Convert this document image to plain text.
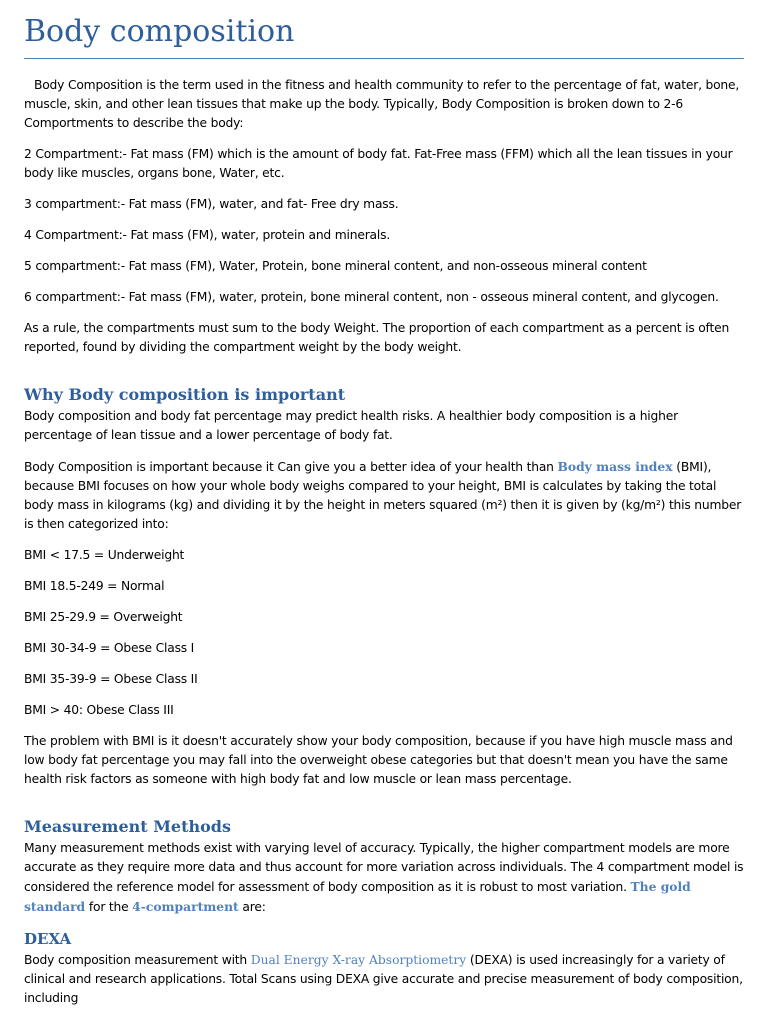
Body composition

Body Composition is the term used in the fitness and health community to refer to the percentage of fat, water, bone, muscle, skin, and other lean tissues that make up the body. Typically, Body Composition is broken down to 2-6 Comportments to describe the body:

2 Compartment:- Fat mass (FM) which is the amount of body fat. Fat-Free mass (FFM) which all the lean tissues in your body like muscles, organs bone, Water, etc.

3 compartment:- Fat mass (FM), water, and fat- Free dry mass.

4 Compartment:- Fat mass (FM), water, protein and minerals.

5 compartment:- Fat mass (FM), Water, Protein, bone mineral content, and non-osseous mineral content

6 compartment:- Fat mass (FM), water, protein, bone mineral content, non - osseous mineral content, and glycogen.

As a rule, the compartments must sum to the body Weight. The proportion of each compartment as a percent is often reported, found by dividing the compartment weight by the body weight.

Why Body composition is important

Body composition and body fat percentage may predict health risks. A healthier body composition is a higher percentage of lean tissue and a lower percentage of body fat.

Body Composition is important because it Can give you a better idea of your health than Body mass index (BMI), because BMI focuses on how your whole body weighs compared to your height, BMI is calculates by taking the total body mass in kilograms (kg) and dividing it by the height in meters squared (m²) then it is given by (kg/m²) this number is then categorized into:

BMI < 17.5 = Underweight

BMI 18.5-249 = Normal

BMI 25-29.9 = Overweight

BMI 30-34-9 = Obese Class I

BMI 35-39-9 = Obese Class II

BMI > 40: Obese Class III

The problem with BMI is it doesn't accurately show your body composition, because if you have high muscle mass and low body fat percentage you may fall into the overweight obese categories but that doesn't mean you have the same health risk factors as someone with high body fat and low muscle or lean mass percentage.

Measurement Methods

Many measurement methods exist with varying level of accuracy. Typically, the higher compartment models are more accurate as they require more data and thus account for more variation across individuals. The 4 compartment model is considered the reference model for assessment of body composition as it is robust to most variation. The gold standard for the 4-compartment are:

DEXA

Body composition measurement with Dual Energy X-ray Absorptiometry (DEXA) is used increasingly for a variety of clinical and research applications. Total Scans using DEXA give accurate and precise measurement of body composition, including
